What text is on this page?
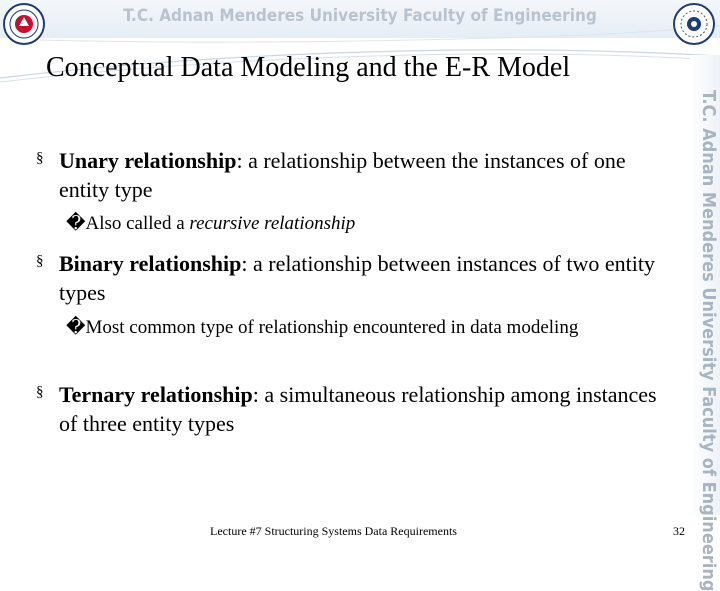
T.C. Adnan Menderes University Faculty of Engineering
T.C. Adnan Menderes University Faculty of Engineering
Conceptual Data Modeling and the E-R Model
§ Unary relationship: a relationship between the instances of one entity type
�Also called a recursive relationship
§ Binary relationship: a relationship between instances of two entity types
�Most common type of relationship encountered in data modeling
§ Ternary relationship: a simultaneous relationship among instances of three entity types
Lecture #7 Structuring Systems Data Requirements	32
